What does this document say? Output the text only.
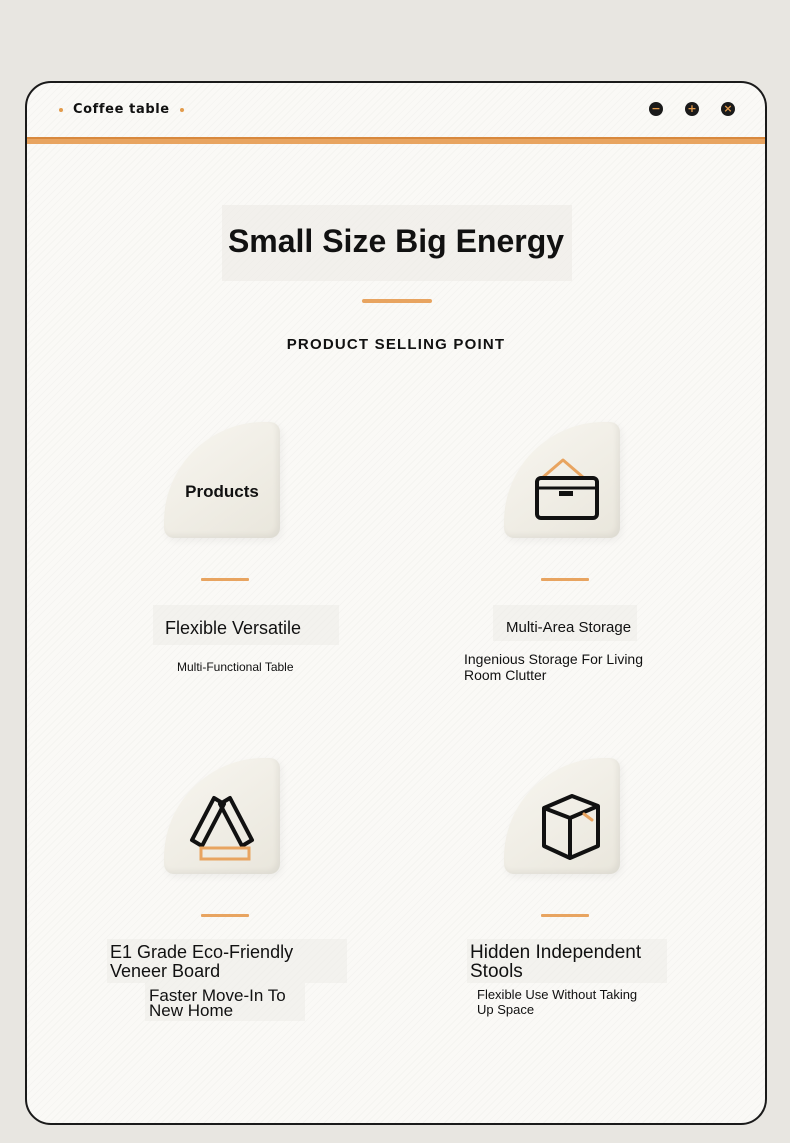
Coffee table	− + ×
Small Size Big Energy
PRODUCT SELLING POINT
Products
Flexible Versatile
Multi-Functional Table
Multi-Area Storage
Ingenious Storage For Living Room Clutter
E1 Grade Eco-Friendly Veneer Board
Faster Move-In To New Home
Hidden Independent Stools
Flexible Use Without Taking Up Space
